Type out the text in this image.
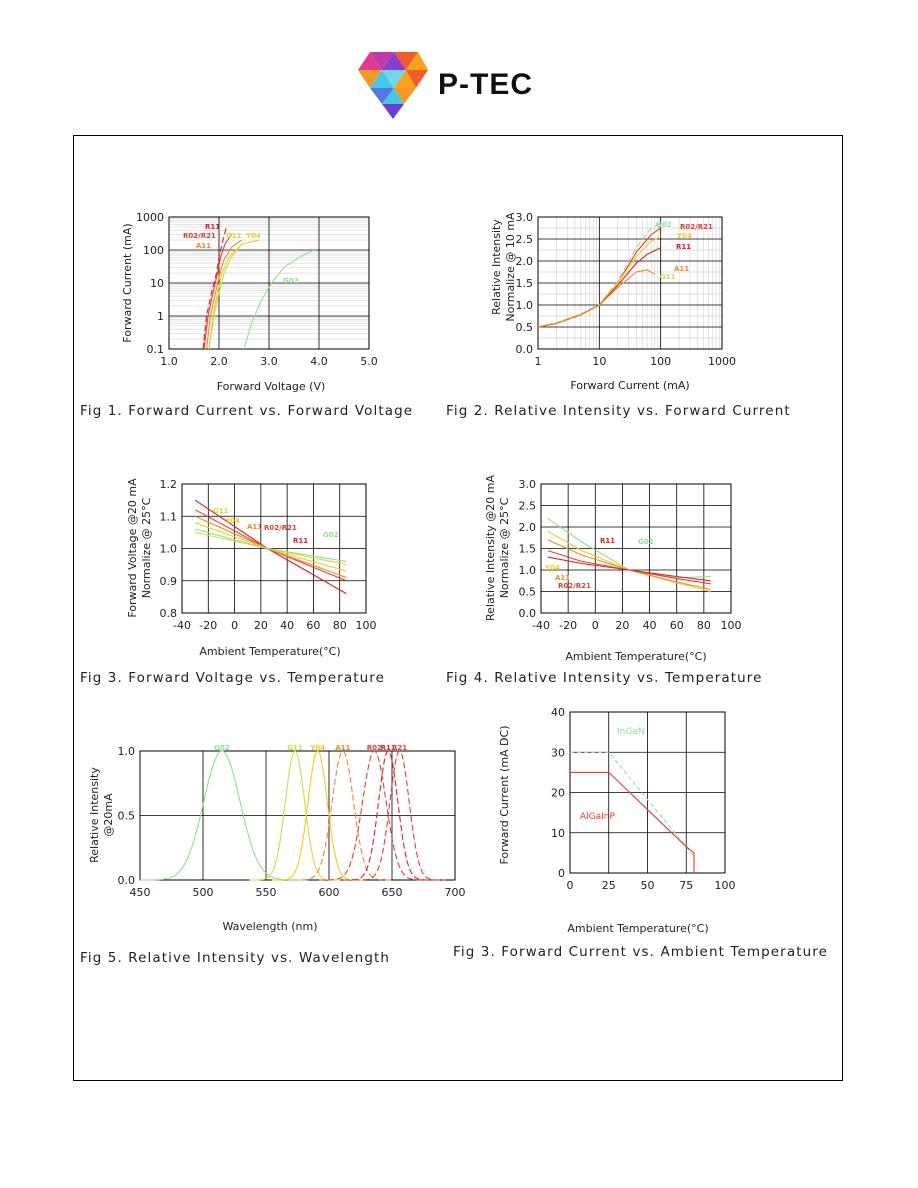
P-TEC
1.0	2.0	3.0	4.0	5.0
0.1
1
10
100
1000
Forward Voltage (V)
Forward Current (mA)	R11
R02/R21
A11
G11 Y04
G02
1	10	100	1000
0.0
0.5
1.0
1.5
2.0
2.5
3.0
Forward Current (mA)
Relative Intensity Normalize @ 10 mA	G02 R02/R21
Y04
R11
A11
G11
-40 -20 0 20 40 60 80 100
0.8
0.9
1.0
1.1
1.2
Ambient Temperature(°C)
Forward Voltage @20 mA Normalize @ 25°C	G11
Y04
A11 R02/R21
R11
G02
-40 -20 0 20 40 60 80 100
0.0
0.5
1.0
1.5
2.0
2.5
3.0
Ambient Temperature(°C)
Relative Intensity @20 mA Normalize @ 25°C	R11	G02
Y04
A11
R02/R21
450	500	550	600	650	700
0.0
0.5
1.0	G02	G11 Y04 A11 R02
R11
R21
Wavelength (nm)
Relative Intensity @20mA
0	25 50 75 100
0
10
20
30
40
Ambient Temperature(°C)
Forward Current (mA DC)	InGaN
AlGaInP
Fig 1. Forward Current vs. Forward Voltage Fig 2. Relative Intensity vs. Forward Current
Fig 3. Forward Voltage vs. Temperature	Fig 4. Relative Intensity vs. Temperature
Fig 5. Relative Intensity vs. Wavelength	Fig 3. Forward Current vs. Ambient Temperature
